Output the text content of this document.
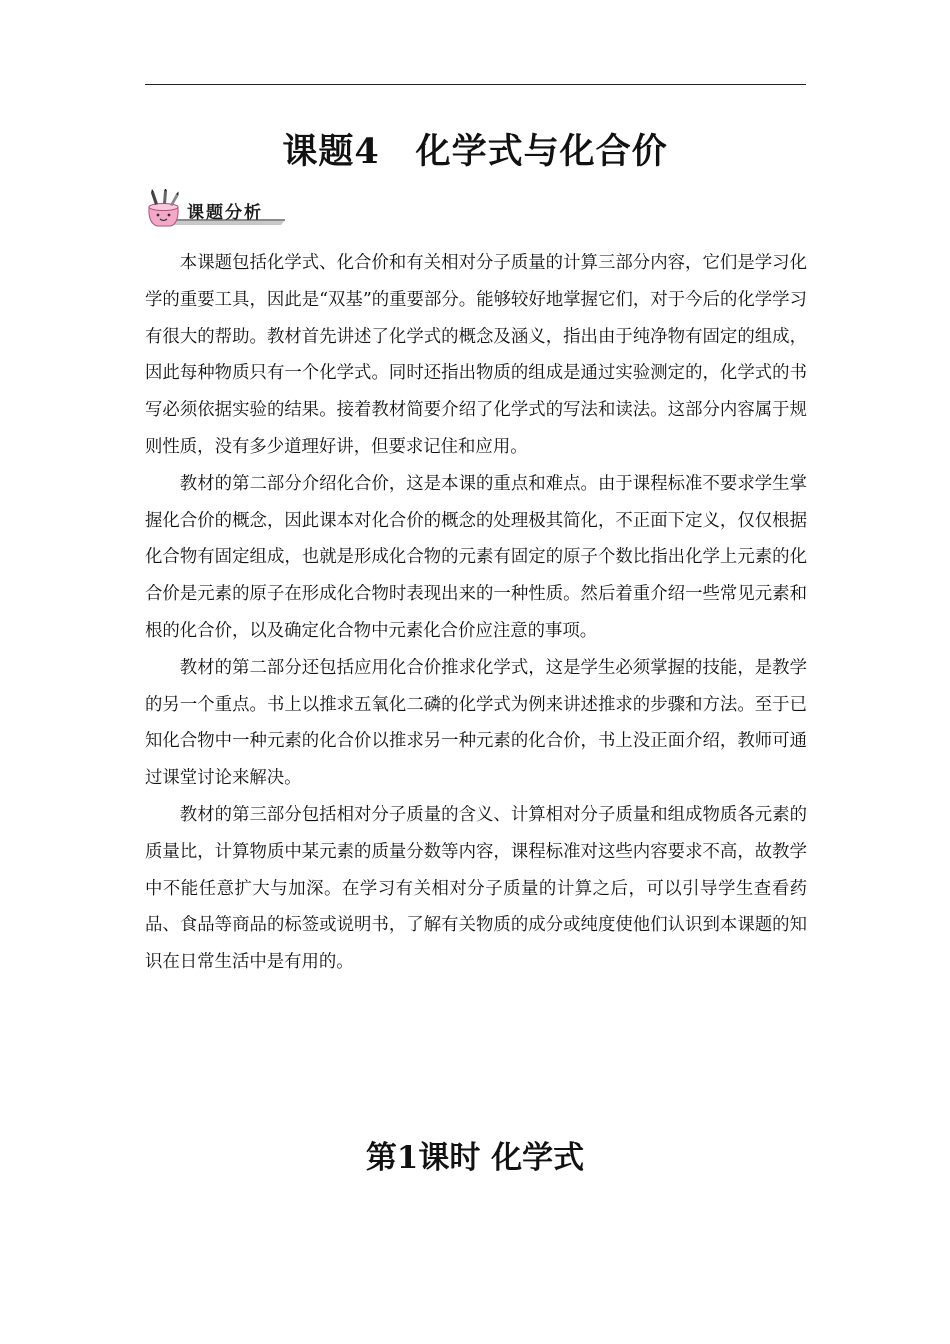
课题4　化学式与化合价
课题分析

本课题包括化学式、化合价和有关相对分子质量的计算三部分内容，它们是学习化学的重要工具，因此是“双基”的重要部分。能够较好地掌握它们，对于今后的化学学习有很大的帮助。教材首先讲述了化学式的概念及涵义，指出由于纯净物有固定的组成，因此每种物质只有一个化学式。同时还指出物质的组成是通过实验测定的，化学式的书写必须依据实验的结果。接着教材简要介绍了化学式的写法和读法。这部分内容属于规则性质，没有多少道理好讲，但要求记住和应用。

教材的第二部分介绍化合价，这是本课的重点和难点。由于课程标准不要求学生掌握化合价的概念，因此课本对化合价的概念的处理极其简化，不正面下定义，仅仅根据化合物有固定组成，也就是形成化合物的元素有固定的原子个数比指出化学上元素的化合价是元素的原子在形成化合物时表现出来的一种性质。然后着重介绍一些常见元素和根的化合价，以及确定化合物中元素化合价应注意的事项。

教材的第二部分还包括应用化合价推求化学式，这是学生必须掌握的技能，是教学的另一个重点。书上以推求五氧化二磷的化学式为例来讲述推求的步骤和方法。至于已知化合物中一种元素的化合价以推求另一种元素的化合价，书上没正面介绍，教师可通过课堂讨论来解决。

教材的第三部分包括相对分子质量的含义、计算相对分子质量和组成物质各元素的质量比，计算物质中某元素的质量分数等内容，课程标准对这些内容要求不高，故教学中不能任意扩大与加深。在学习有关相对分子质量的计算之后，可以引导学生查看药品、食品等商品的标签或说明书，了解有关物质的成分或纯度使他们认识到本课题的知识在日常生活中是有用的。

第1课时 化学式
